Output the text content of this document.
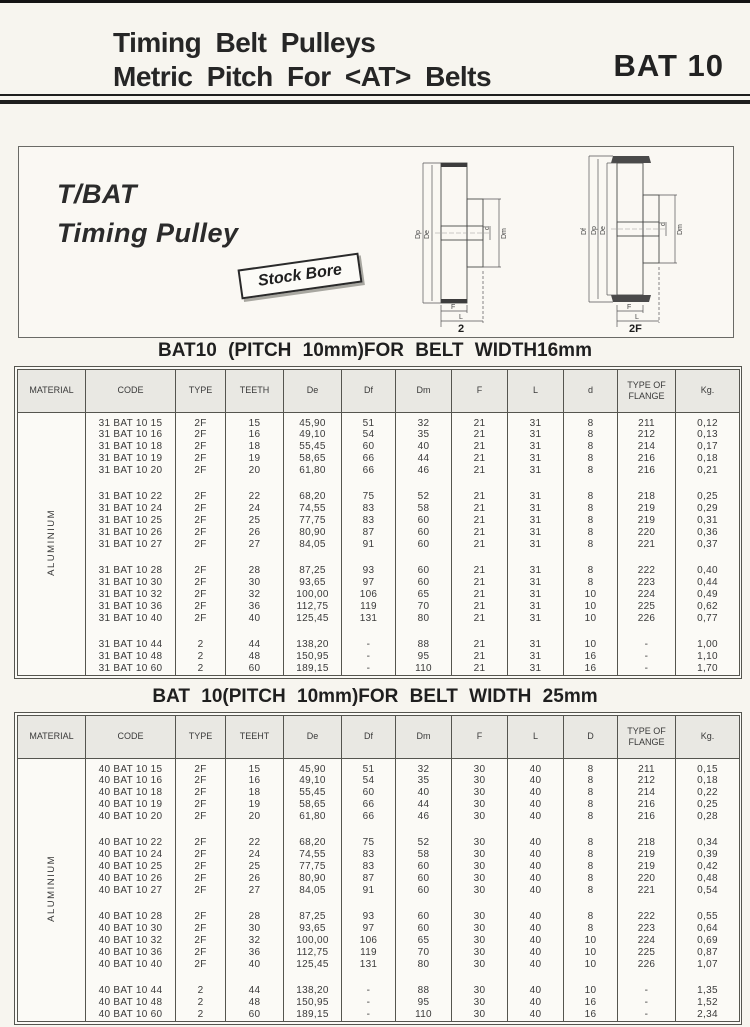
Timing Belt Pulleys
Metric Pitch For <AT> Belts	BAT 10
T/BAT
Timing Pulley
Stock Bore
Dp De	Dm
d
F
L
2
Df Dp De	Dm
d
F
L
2F
BAT10 (PITCH 10mm)FOR BELT WIDTH16mm
MATERIAL	CODE	TYPE	TEETH	De	Df	Dm	F	L	d	TYPE OF FLANGE	Kg.
ALUMINIUM	31 BAT 10 15	2F	15	45,90	51	32	21	31	8	211	0,12
	31 BAT 10 16	2F	16	49,10	54	35	21	31	8	212	0,13
	31 BAT 10 18	2F	18	55,45	60	40	21	31	8	214	0,17
	31 BAT 10 19	2F	19	58,65	66	44	21	31	8	216	0,18
	31 BAT 10 20	2F	20	61,80	66	46	21	31	8	216	0,21

	31 BAT 10 22	2F	22	68,20	75	52	21	31	8	218	0,25
	31 BAT 10 24	2F	24	74,55	83	58	21	31	8	219	0,29
	31 BAT 10 25	2F	25	77,75	83	60	21	31	8	219	0,31
	31 BAT 10 26	2F	26	80,90	87	60	21	31	8	220	0,36
	31 BAT 10 27	2F	27	84,05	91	60	21	31	8	221	0,37

	31 BAT 10 28	2F	28	87,25	93	60	21	31	8	222	0,40
	31 BAT 10 30	2F	30	93,65	97	60	21	31	8	223	0,44
	31 BAT 10 32	2F	32	100,00	106	65	21	31	10	224	0,49
	31 BAT 10 36	2F	36	112,75	119	70	21	31	10	225	0,62
	31 BAT 10 40	2F	40	125,45	131	80	21	31	10	226	0,77

	31 BAT 10 44	2	44	138,20	-	88	21	31	10	-	1,00
	31 BAT 10 48	2	48	150,95	-	95	21	31	16	-	1,10
	31 BAT 10 60	2	60	189,15	-	110	21	31	16	-	1,70
BAT 10(PITCH 10mm)FOR BELT WIDTH 25mm
MATERIAL	CODE	TYPE	TEEHT	De	Df	Dm	F	L	D	TYPE OF FLANGE	Kg.
ALUMINIUM	40 BAT 10 15	2F	15	45,90	51	32	30	40	8	211	0,15
	40 BAT 10 16	2F	16	49,10	54	35	30	40	8	212	0,18
	40 BAT 10 18	2F	18	55,45	60	40	30	40	8	214	0,22
	40 BAT 10 19	2F	19	58,65	66	44	30	40	8	216	0,25
	40 BAT 10 20	2F	20	61,80	66	46	30	40	8	216	0,28

	40 BAT 10 22	2F	22	68,20	75	52	30	40	8	218	0,34
	40 BAT 10 24	2F	24	74,55	83	58	30	40	8	219	0,39
	40 BAT 10 25	2F	25	77,75	83	60	30	40	8	219	0,42
	40 BAT 10 26	2F	26	80,90	87	60	30	40	8	220	0,48
	40 BAT 10 27	2F	27	84,05	91	60	30	40	8	221	0,54

	40 BAT 10 28	2F	28	87,25	93	60	30	40	8	222	0,55
	40 BAT 10 30	2F	30	93,65	97	60	30	40	8	223	0,64
	40 BAT 10 32	2F	32	100,00	106	65	30	40	10	224	0,69
	40 BAT 10 36	2F	36	112,75	119	70	30	40	10	225	0,87
	40 BAT 10 40	2F	40	125,45	131	80	30	40	10	226	1,07

	40 BAT 10 44	2	44	138,20	-	88	30	40	10	-	1,35
	40 BAT 10 48	2	48	150,95	-	95	30	40	16	-	1,52
	40 BAT 10 60	2	60	189,15	-	110	30	40	16	-	2,34
